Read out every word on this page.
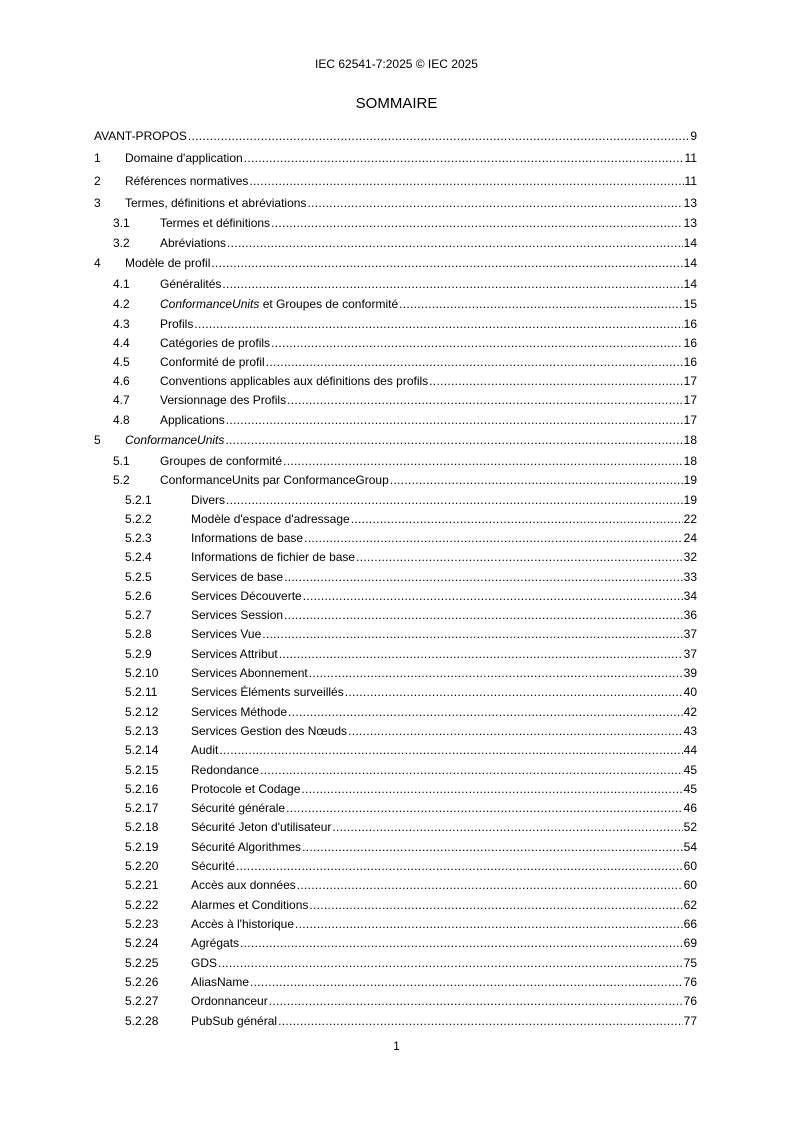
IEC 62541-7:2025 © IEC 2025
SOMMAIRE
AVANT-PROPOS .....	9
1	Domaine d'application .....	11
2	Références normatives .....	11
3	Termes, définitions et abréviations .....	13
3.1	Termes et définitions .....	13
3.2	Abréviations .....	14
4	Modèle de profil .....	14
4.1	Généralités .....	14
4.2	ConformanceUnits et Groupes de conformité .....	15
4.3	Profils .....	16
4.4	Catégories de profils .....	16
4.5	Conformité de profil .....	16
4.6	Conventions applicables aux définitions des profils .....	17
4.7	Versionnage des Profils .....	17
4.8	Applications .....	17
5	ConformanceUnits .....	18
5.1	Groupes de conformité .....	18
5.2	ConformanceUnits par ConformanceGroup .....	19
5.2.1	Divers .....	19
5.2.2	Modèle d'espace d'adressage .....	22
5.2.3	Informations de base .....	24
5.2.4	Informations de fichier de base .....	32
5.2.5	Services de base .....	33
5.2.6	Services Découverte .....	34
5.2.7	Services Session .....	36
5.2.8	Services Vue .....	37
5.2.9	Services Attribut .....	37
5.2.10	Services Abonnement .....	39
5.2.11	Services Éléments surveillés .....	40
5.2.12	Services Méthode .....	42
5.2.13	Services Gestion des Nœuds .....	43
5.2.14	Audit .....	44
5.2.15	Redondance .....	45
5.2.16	Protocole et Codage .....	45
5.2.17	Sécurité générale .....	46
5.2.18	Sécurité Jeton d'utilisateur .....	52
5.2.19	Sécurité Algorithmes .....	54
5.2.20	Sécurité .....	60
5.2.21	Accès aux données .....	60
5.2.22	Alarmes et Conditions .....	62
5.2.23	Accès à l'historique .....	66
5.2.24	Agrégats .....	69
5.2.25	GDS .....	75
5.2.26	AliasName .....	76
5.2.27	Ordonnanceur .....	76
5.2.28	PubSub général .....	77
1
